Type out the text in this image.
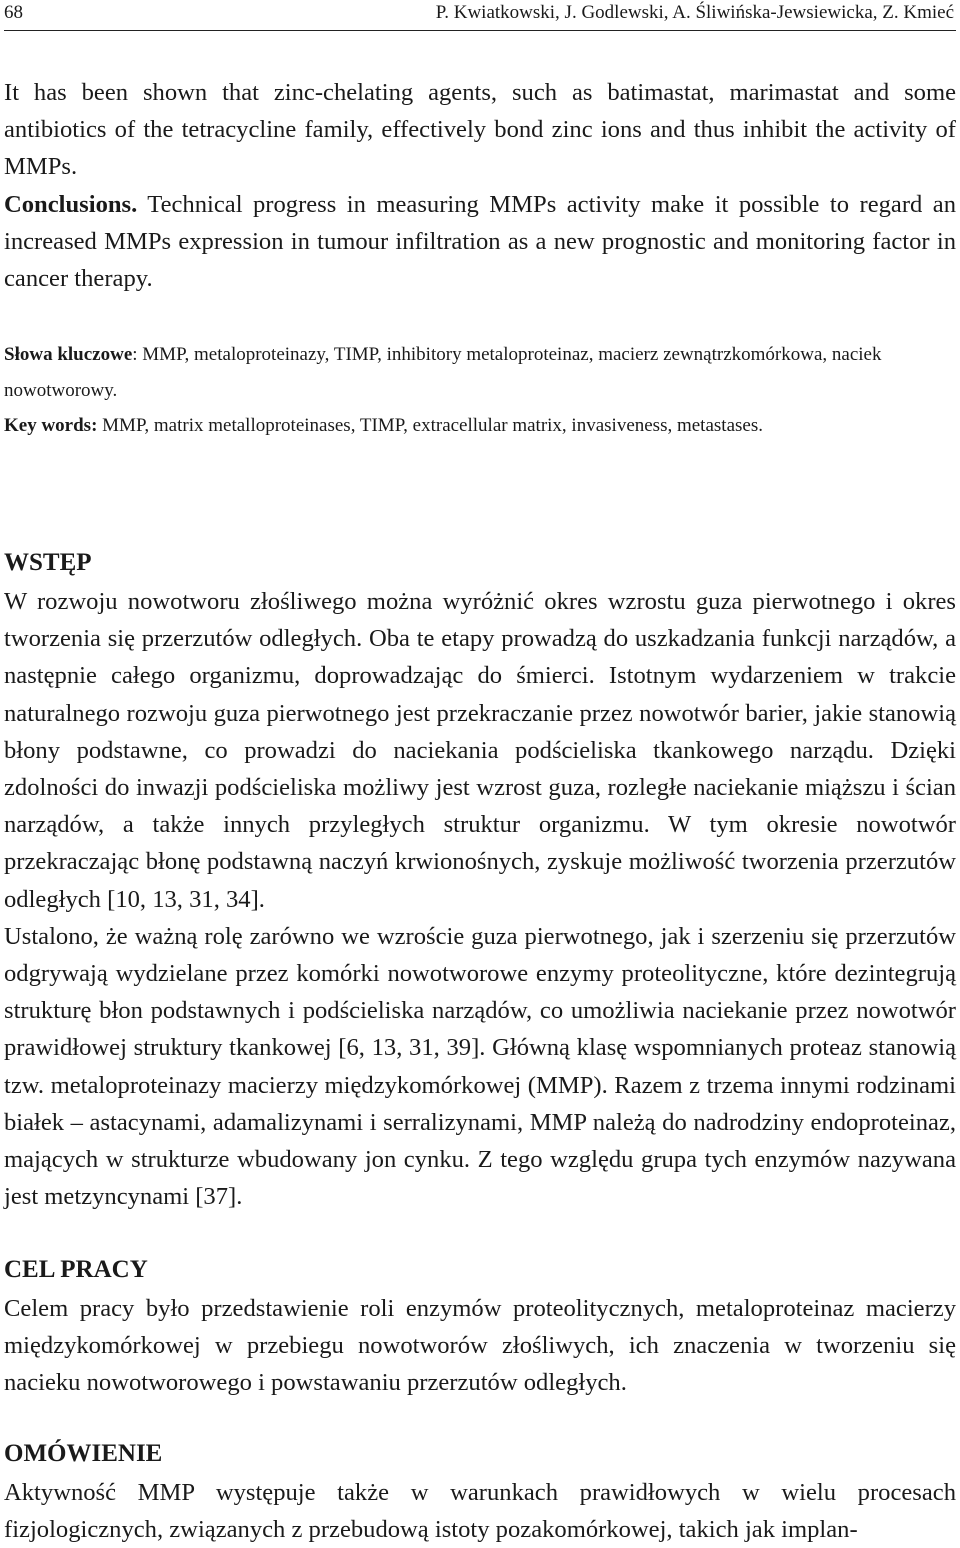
68	P. Kwiatkowski, J. Godlewski, A. Śliwińska-Jewsiewicka, Z. Kmieć

It has been shown that zinc-chelating agents, such as batimastat, marimastat and some antibiotics of the tetracycline family, effectively bond zinc ions and thus inhibit the activity of MMPs.

Conclusions. Technical progress in measuring MMPs activity make it possible to regard an increased MMPs expression in tumour infiltration as a new prognostic and monitoring factor in cancer therapy.

Słowa kluczowe: MMP, metaloproteinazy, TIMP, inhibitory metaloproteinaz, macierz zewnątrzkomórkowa, naciek nowotworowy.

Key words: MMP, matrix metalloproteinases, TIMP, extracellular matrix, invasiveness, metastases.

WSTĘP

W rozwoju nowotworu złośliwego można wyróżnić okres wzrostu guza pierwotnego i okres tworzenia się przerzutów odległych. Oba te etapy prowadzą do uszkadzania funkcji narządów, a następnie całego organizmu, doprowadzając do śmierci. Istotnym wydarzeniem w trakcie naturalnego rozwoju guza pierwotnego jest przekraczanie przez nowotwór barier, jakie stanowią błony podstawne, co prowadzi do naciekania podścieliska tkankowego narządu. Dzięki zdolności do inwazji podścieliska możliwy jest wzrost guza, rozległe naciekanie miąższu i ścian narządów, a także innych przyległych struktur organizmu. W tym okresie nowotwór przekraczając błonę podstawną naczyń krwionośnych, zyskuje możliwość tworzenia przerzutów odległych [10, 13, 31, 34].

Ustalono, że ważną rolę zarówno we wzroście guza pierwotnego, jak i szerzeniu się przerzutów odgrywają wydzielane przez komórki nowotworowe enzymy proteolityczne, które dezintegrują strukturę błon podstawnych i podścieliska narządów, co umożliwia naciekanie przez nowotwór prawidłowej struktury tkankowej [6, 13, 31, 39]. Główną klasę wspomnianych proteaz stanowią tzw. metaloproteinazy macierzy międzykomórkowej (MMP). Razem z trzema innymi rodzinami białek – astacynami, adamalizynami i serralizynami, MMP należą do nadrodziny endoproteinaz, mających w strukturze wbudowany jon cynku. Z tego względu grupa tych enzymów nazywana jest metzyncynami [37].

CEL PRACY

Celem pracy było przedstawienie roli enzymów proteolitycznych, metaloproteinaz macierzy międzykomórkowej w przebiegu nowotworów złośliwych, ich znaczenia w tworzeniu się nacieku nowotworowego i powstawaniu przerzutów odległych.

OMÓWIENIE

Aktywność MMP występuje także w warunkach prawidłowych w wielu procesach fizjologicznych, związanych z przebudową istoty pozakomórkowej, takich jak implan-
